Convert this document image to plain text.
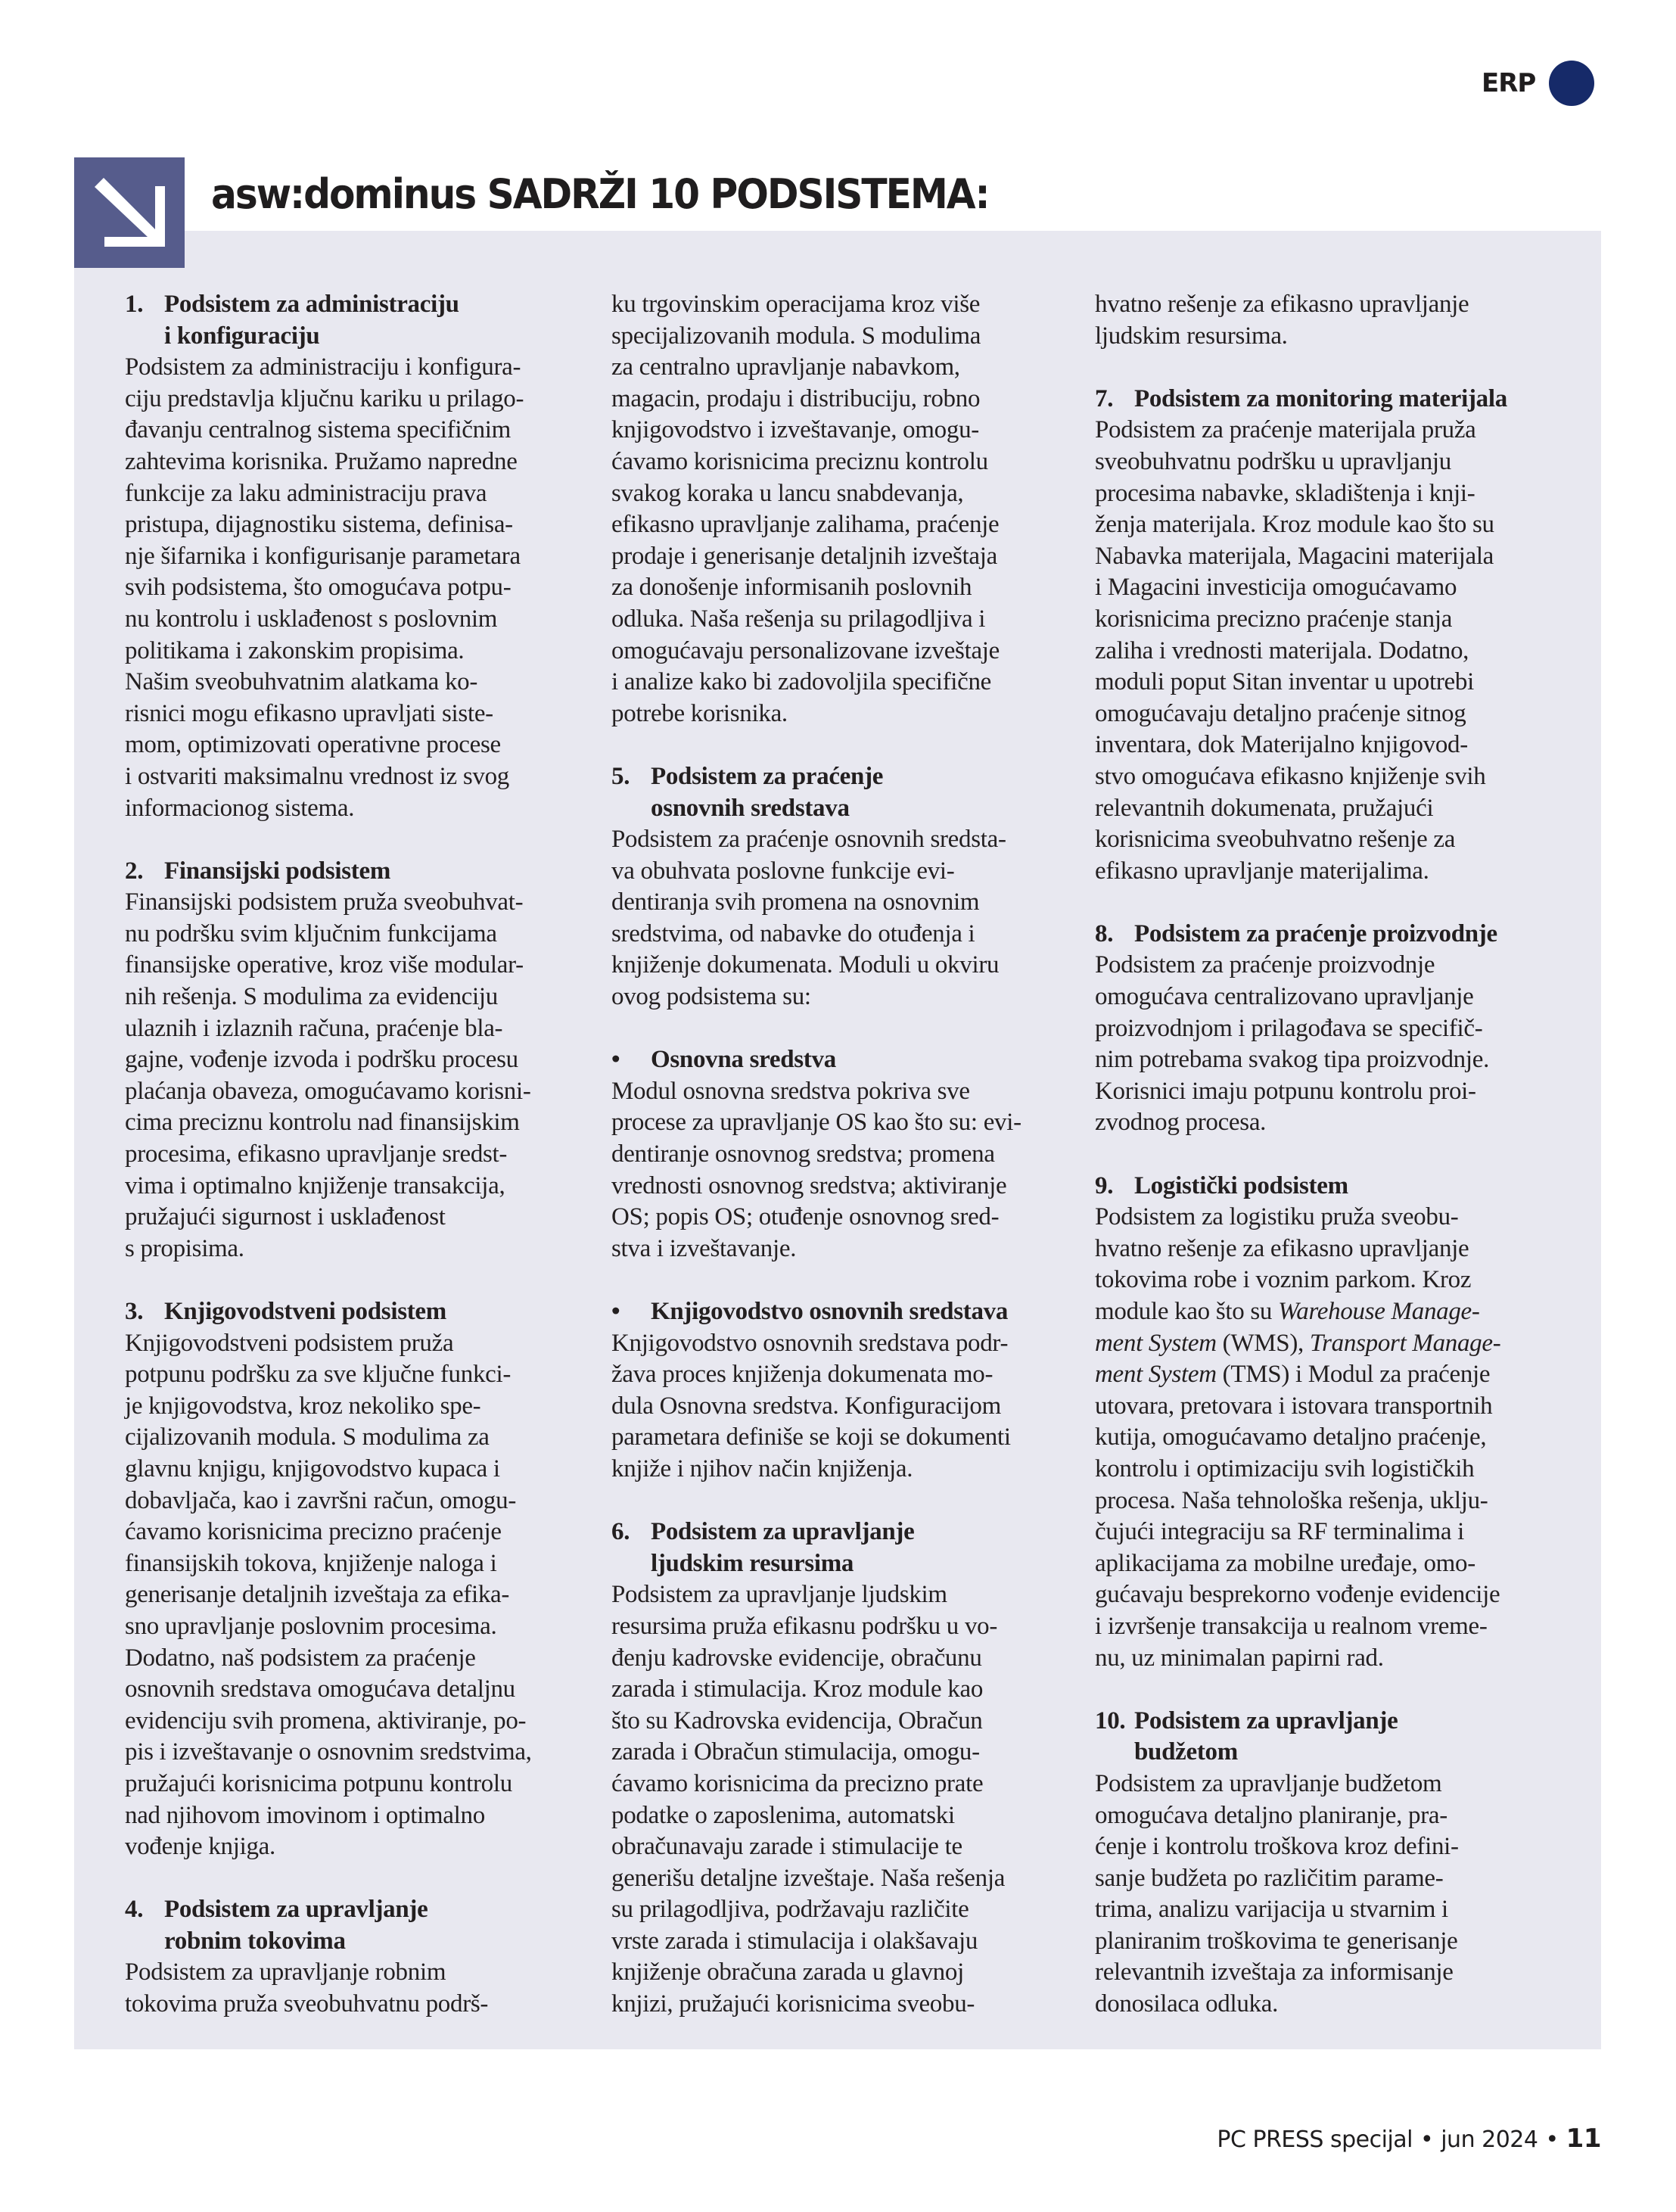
ERP
asw:dominus SADRŽI 10 PODSISTEMA:
1. Podsistem za administraciju
i konfiguraciju
Podsistem za administraciju i konfigura-
ciju predstavlja ključnu kariku u prilago-
đavanju centralnog sistema specifičnim
zahtevima korisnika. Pružamo napredne
funkcije za laku administraciju prava
pristupa, dijagnostiku sistema, definisa-
nje šifarnika i konfigurisanje parametara
svih podsistema, što omogućava potpu-
nu kontrolu i usklađenost s poslovnim
politikama i zakonskim propisima.
Našim sveobuhvatnim alatkama ko-
risnici mogu efikasno upravljati siste-
mom, optimizovati operativne procese
i ostvariti maksimalnu vrednost iz svog
informacionog sistema.
2. Finansijski podsistem
Finansijski podsistem pruža sveobuhvat-
nu podršku svim ključnim funkcijama
finansijske operative, kroz više modular-
nih rešenja. S modulima za evidenciju
ulaznih i izlaznih računa, praćenje bla-
gajne, vođenje izvoda i podršku procesu
plaćanja obaveza, omogućavamo korisni-
cima preciznu kontrolu nad finansijskim
procesima, efikasno upravljanje sredst-
vima i optimalno knjiženje transakcija,
pružajući sigurnost i usklađenost
s propisima.
3. Knjigovodstveni podsistem
Knjigovodstveni podsistem pruža
potpunu podršku za sve ključne funkci-
je knjigovodstva, kroz nekoliko spe-
cijalizovanih modula. S modulima za
glavnu knjigu, knjigovodstvo kupaca i
dobavljača, kao i završni račun, omogu-
ćavamo korisnicima precizno praćenje
finansijskih tokova, knjiženje naloga i
generisanje detaljnih izveštaja za efika-
sno upravljanje poslovnim procesima.
Dodatno, naš podsistem za praćenje
osnovnih sredstava omogućava detaljnu
evidenciju svih promena, aktiviranje, po-
pis i izveštavanje o osnovnim sredstvima,
pružajući korisnicima potpunu kontrolu
nad njihovom imovinom i optimalno
vođenje knjiga.
4. Podsistem za upravljanje
robnim tokovima
Podsistem za upravljanje robnim
tokovima pruža sveobuhvatnu podrš-
ku trgovinskim operacijama kroz više
specijalizovanih modula. S modulima
za centralno upravljanje nabavkom,
magacin, prodaju i distribuciju, robno
knjigovodstvo i izveštavanje, omogu-
ćavamo korisnicima preciznu kontrolu
svakog koraka u lancu snabdevanja,
efikasno upravljanje zalihama, praćenje
prodaje i generisanje detaljnih izveštaja
za donošenje informisanih poslovnih
odluka. Naša rešenja su prilagodljiva i
omogućavaju personalizovane izveštaje
i analize kako bi zadovoljila specifične
potrebe korisnika.
5. Podsistem za praćenje
osnovnih sredstava
Podsistem za praćenje osnovnih sredsta-
va obuhvata poslovne funkcije evi-
dentiranja svih promena na osnovnim
sredstvima, od nabavke do otuđenja i
knjiženje dokumenata. Moduli u okviru
ovog podsistema su:
• Osnovna sredstva
Modul osnovna sredstva pokriva sve
procese za upravljanje OS kao što su: evi-
dentiranje osnovnog sredstva; promena
vrednosti osnovnog sredstva; aktiviranje
OS; popis OS; otuđenje osnovnog sred-
stva i izveštavanje.
• Knjigovodstvo osnovnih sredstava
Knjigovodstvo osnovnih sredstava podr-
žava proces knjiženja dokumenata mo-
dula Osnovna sredstva. Konfiguracijom
parametara definiše se koji se dokumenti
knjiže i njihov način knjiženja.
6. Podsistem za upravljanje
ljudskim resursima
Podsistem za upravljanje ljudskim
resursima pruža efikasnu podršku u vo-
đenju kadrovske evidencije, obračunu
zarada i stimulacija. Kroz module kao
što su Kadrovska evidencija, Obračun
zarada i Obračun stimulacija, omogu-
ćavamo korisnicima da precizno prate
podatke o zaposlenima, automatski
obračunavaju zarade i stimulacije te
generišu detaljne izveštaje. Naša rešenja
su prilagodljiva, podržavaju različite
vrste zarada i stimulacija i olakšavaju
knjiženje obračuna zarada u glavnoj
knjizi, pružajući korisnicima sveobu-
hvatno rešenje za efikasno upravljanje
ljudskim resursima.
7. Podsistem za monitoring materijala
Podsistem za praćenje materijala pruža
sveobuhvatnu podršku u upravljanju
procesima nabavke, skladištenja i knji-
ženja materijala. Kroz module kao što su
Nabavka materijala, Magacini materijala
i Magacini investicija omogućavamo
korisnicima precizno praćenje stanja
zaliha i vrednosti materijala. Dodatno,
moduli poput Sitan inventar u upotrebi
omogućavaju detaljno praćenje sitnog
inventara, dok Materijalno knjigovod-
stvo omogućava efikasno knjiženje svih
relevantnih dokumenata, pružajući
korisnicima sveobuhvatno rešenje za
efikasno upravljanje materijalima.
8. Podsistem za praćenje proizvodnje
Podsistem za praćenje proizvodnje
omogućava centralizovano upravljanje
proizvodnjom i prilagođava se specifič-
nim potrebama svakog tipa proizvodnje.
Korisnici imaju potpunu kontrolu proi-
zvodnog procesa.
9. Logistički podsistem
Podsistem za logistiku pruža sveobu-
hvatno rešenje za efikasno upravljanje
tokovima robe i voznim parkom. Kroz
module kao što su Warehouse Manage-
ment System (WMS), Transport Manage-
ment System (TMS) i Modul za praćenje
utovara, pretovara i istovara transportnih
kutija, omogućavamo detaljno praćenje,
kontrolu i optimizaciju svih logističkih
procesa. Naša tehnološka rešenja, uklju-
čujući integraciju sa RF terminalima i
aplikacijama za mobilne uređaje, omo-
gućavaju besprekorno vođenje evidencije
i izvršenje transakcija u realnom vreme-
nu, uz minimalan papirni rad.
10. Podsistem za upravljanje
budžetom
Podsistem za upravljanje budžetom
omogućava detaljno planiranje, pra-
ćenje i kontrolu troškova kroz defini-
sanje budžeta po različitim parame-
trima, analizu varijacija u stvarnim i
planiranim troškovima te generisanje
relevantnih izveštaja za informisanje
donosilaca odluka.
PC PRESS specijal • jun 2024 • 11
